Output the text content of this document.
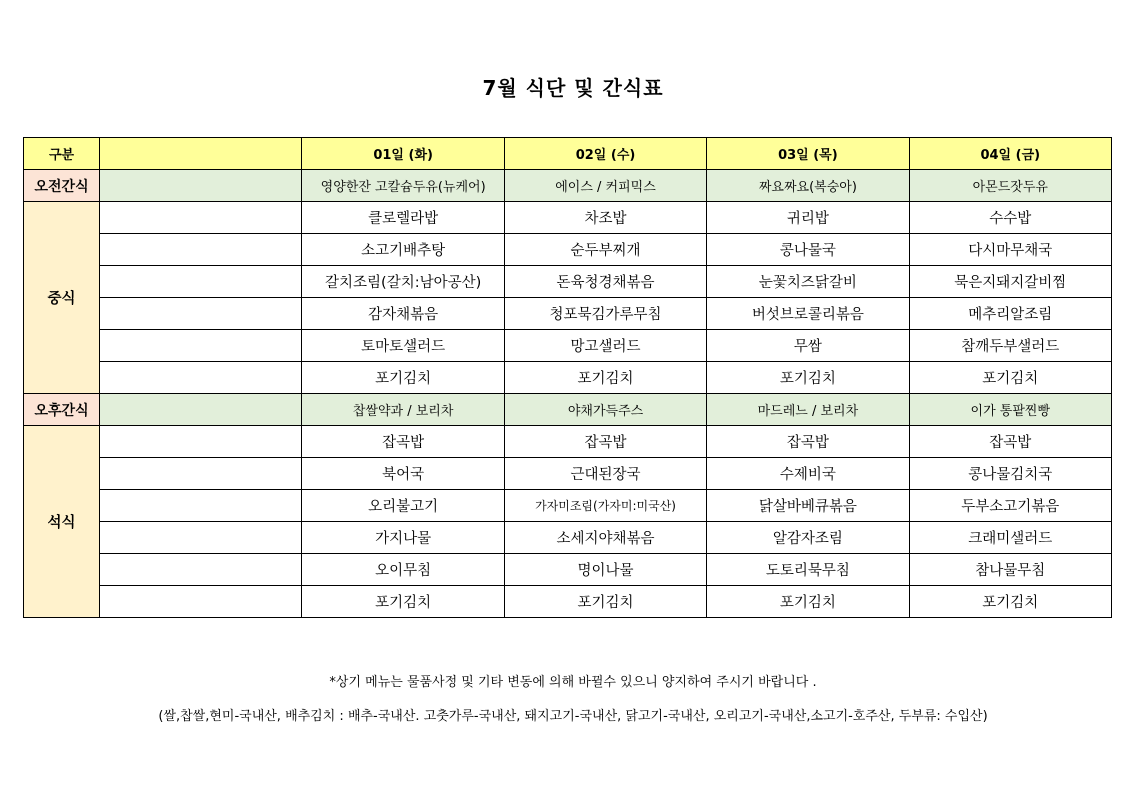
7월 식단 및 간식표
구분		01일 (화)	02일 (수)	03일 (목)	04일 (금)
오전간식		영양한잔 고칼슘두유(뉴케어)	에이스 / 커피믹스	짜요짜요(복숭아)	아몬드잣두유
중식		클로렐라밥	차조밥	귀리밥	수수밥
		소고기배추탕	순두부찌개	콩나물국	다시마무채국
		갈치조림(갈치:남아공산)	돈육청경채볶음	눈꽃치즈닭갈비	묵은지돼지갈비찜
		감자채볶음	청포묵김가루무침	버섯브로콜리볶음	메추리알조림
		토마토샐러드	망고샐러드	무쌈	참깨두부샐러드
		포기김치	포기김치	포기김치	포기김치
오후간식		찹쌀약과 / 보리차	야채가득주스	마드레느 / 보리차	이가 통팥찐빵
석식		잡곡밥	잡곡밥	잡곡밥	잡곡밥
		북어국	근대된장국	수제비국	콩나물김치국
		오리불고기	가자미조림(가자미:미국산)	닭살바베큐볶음	두부소고기볶음
		가지나물	소세지야채볶음	알감자조림	크래미샐러드
		오이무침	명이나물	도토리묵무침	참나물무침
		포기김치	포기김치	포기김치	포기김치
*상기 메뉴는 물품사정 및 기타 변동에 의해 바뀔수 있으니 양지하여 주시기 바랍니다 .
(쌀,찹쌀,현미-국내산, 배추김치 : 배추-국내산. 고춧가루-국내산, 돼지고기-국내산, 닭고기-국내산, 오리고기-국내산,소고기-호주산, 두부류: 수입산)
